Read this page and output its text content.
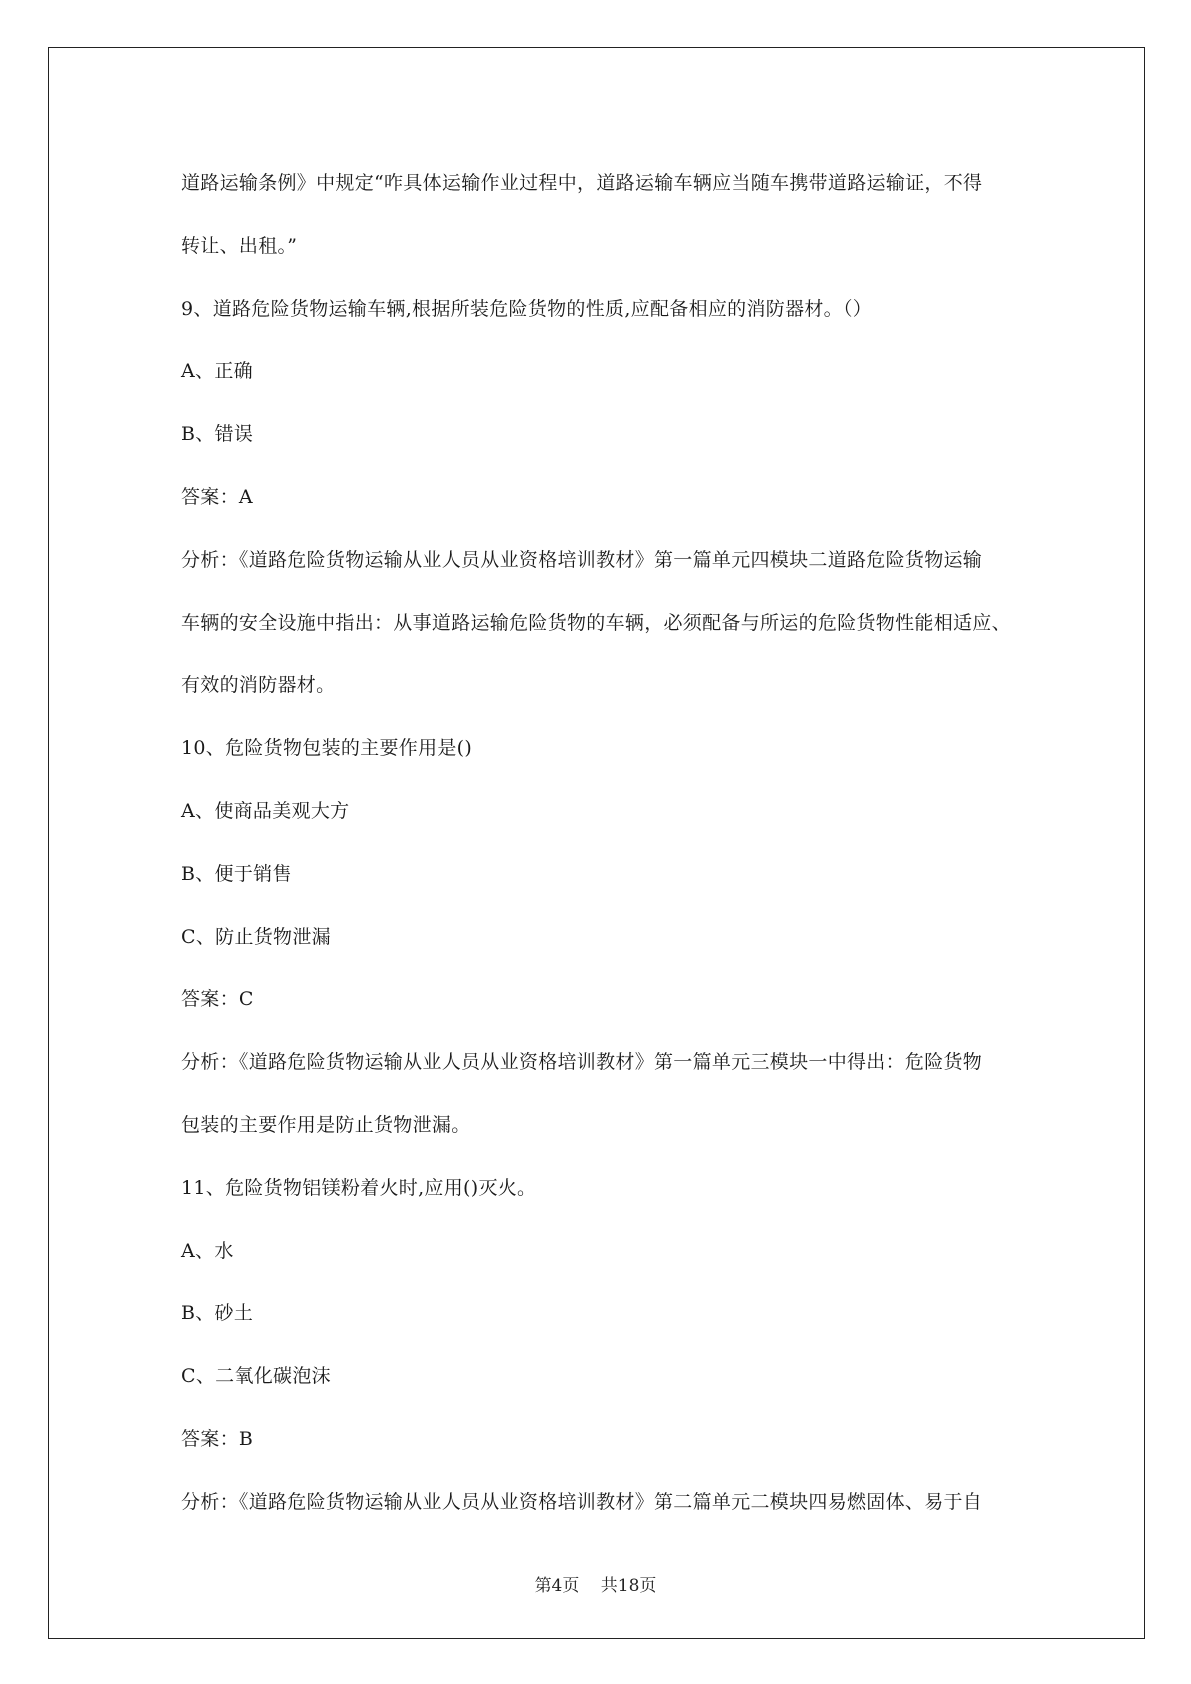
道路运输条例》中规定“咋具体运输作业过程中，道路运输车辆应当随车携带道路运输证，不得
转让、出租。”
9、道路危险货物运输车辆,根据所装危险货物的性质,应配备相应的消防器材。（）
A、正确
B、错误
答案：A
分析：《道路危险货物运输从业人员从业资格培训教材》第一篇单元四模块二道路危险货物运输
车辆的安全设施中指出：从事道路运输危险货物的车辆，必须配备与所运的危险货物性能相适应、
有效的消防器材。
10、危险货物包装的主要作用是()
A、使商品美观大方
B、便于销售
C、防止货物泄漏
答案：C
分析：《道路危险货物运输从业人员从业资格培训教材》第一篇单元三模块一中得出：危险货物
包装的主要作用是防止货物泄漏。
11、危险货物铝镁粉着火时,应用()灭火。
A、水
B、砂土
C、二氧化碳泡沫
答案：B
分析：《道路危险货物运输从业人员从业资格培训教材》第二篇单元二模块四易燃固体、易于自
第4页 共18页
